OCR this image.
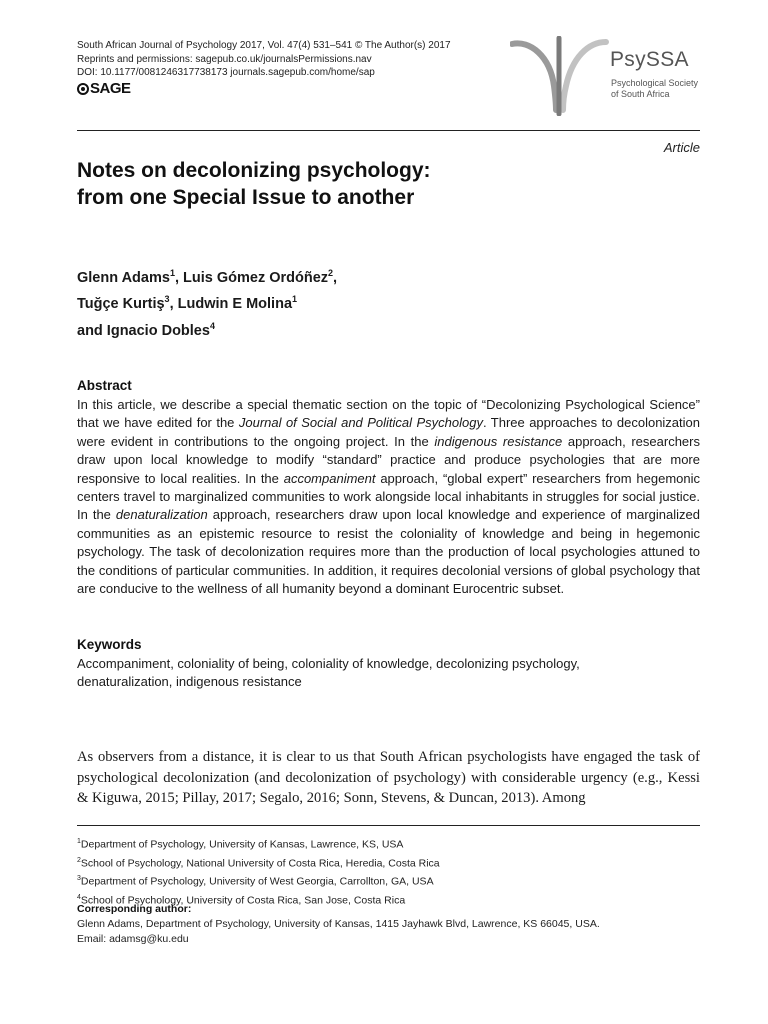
South African Journal of Psychology 2017, Vol. 47(4) 531–541 © The Author(s) 2017
Reprints and permissions: sagepub.co.uk/journalsPermissions.nav
DOI: 10.1177/0081246317738173 journals.sagepub.com/home/sap
SAGE
PsySSA
Psychological Society
of South Africa
Article
Notes on decolonizing psychology:
from one Special Issue to another
Glenn Adams$^1$, Luis Gómez Ordóñez$^2$,
Tuğçe Kurtiş$^3$, Ludwin E Molina$^1$
and Ignacio Dobles$^4$
Abstract

In this article, we describe a special thematic section on the topic of “Decolonizing Psychological Science” that we have edited for the Journal of Social and Political Psychology. Three approaches to decolonization were evident in contributions to the ongoing project. In the indigenous resistance approach, researchers draw upon local knowledge to modify “standard” practice and produce psychologies that are more responsive to local realities. In the accompaniment approach, “global expert” researchers from hegemonic centers travel to marginalized communities to work alongside local inhabitants in struggles for social justice. In the denaturalization approach, researchers draw upon local knowledge and experience of marginalized communities as an epistemic resource to resist the coloniality of knowledge and being in hegemonic psychology. The task of decolonization requires more than the production of local psychologies attuned to the conditions of particular communities. In addition, it requires decolonial versions of global psychology that are conducive to the wellness of all humanity beyond a dominant Eurocentric subset.

Keywords

Accompaniment, coloniality of being, coloniality of knowledge, decolonizing psychology,
denaturalization, indigenous resistance

As observers from a distance, it is clear to us that South African psychologists have engaged the task of psychological decolonization (and decolonization of psychology) with considerable urgency (e.g., Kessi & Kiguwa, 2015; Pillay, 2017; Segalo, 2016; Sonn, Stevens, & Duncan, 2013). Among

$^1$Department of Psychology, University of Kansas, Lawrence, KS, USA
$^2$School of Psychology, National University of Costa Rica, Heredia, Costa Rica
$^3$Department of Psychology, University of West Georgia, Carrollton, GA, USA
$^4$School of Psychology, University of Costa Rica, San Jose, Costa Rica
Corresponding author:
Glenn Adams, Department of Psychology, University of Kansas, 1415 Jayhawk Blvd, Lawrence, KS 66045, USA.
Email: adamsg@ku.edu
